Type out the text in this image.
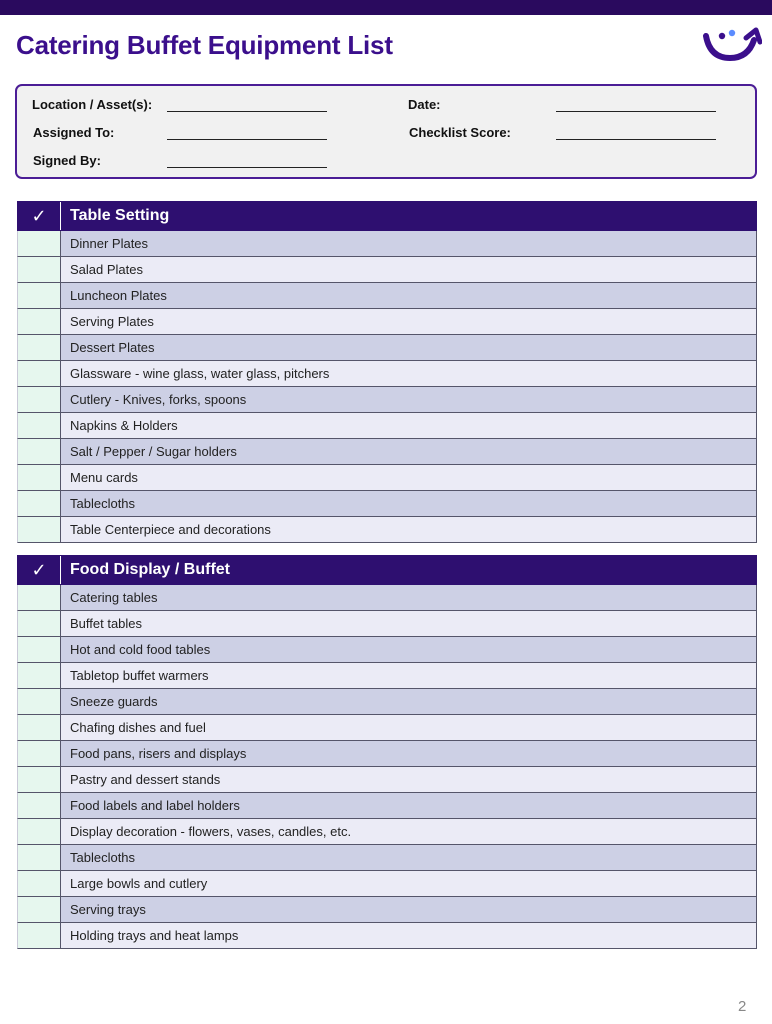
Catering Buffet Equipment List
Location / Asset(s):
Assigned To:
Signed By:
Date:
Checklist Score:
✓	Table Setting
Dinner Plates
Salad Plates
Luncheon Plates
Serving Plates
Dessert Plates
Glassware - wine glass, water glass, pitchers
Cutlery - Knives, forks, spoons
Napkins & Holders
Salt / Pepper / Sugar holders
Menu cards
Tablecloths
Table Centerpiece and decorations
✓	Food Display / Buffet
Catering tables
Buffet tables
Hot and cold food tables
Tabletop buffet warmers
Sneeze guards
Chafing dishes and fuel
Food pans, risers and displays
Pastry and dessert stands
Food labels and label holders
Display decoration - flowers, vases, candles, etc.
Tablecloths
Large bowls and cutlery
Serving trays
Holding trays and heat lamps
2
